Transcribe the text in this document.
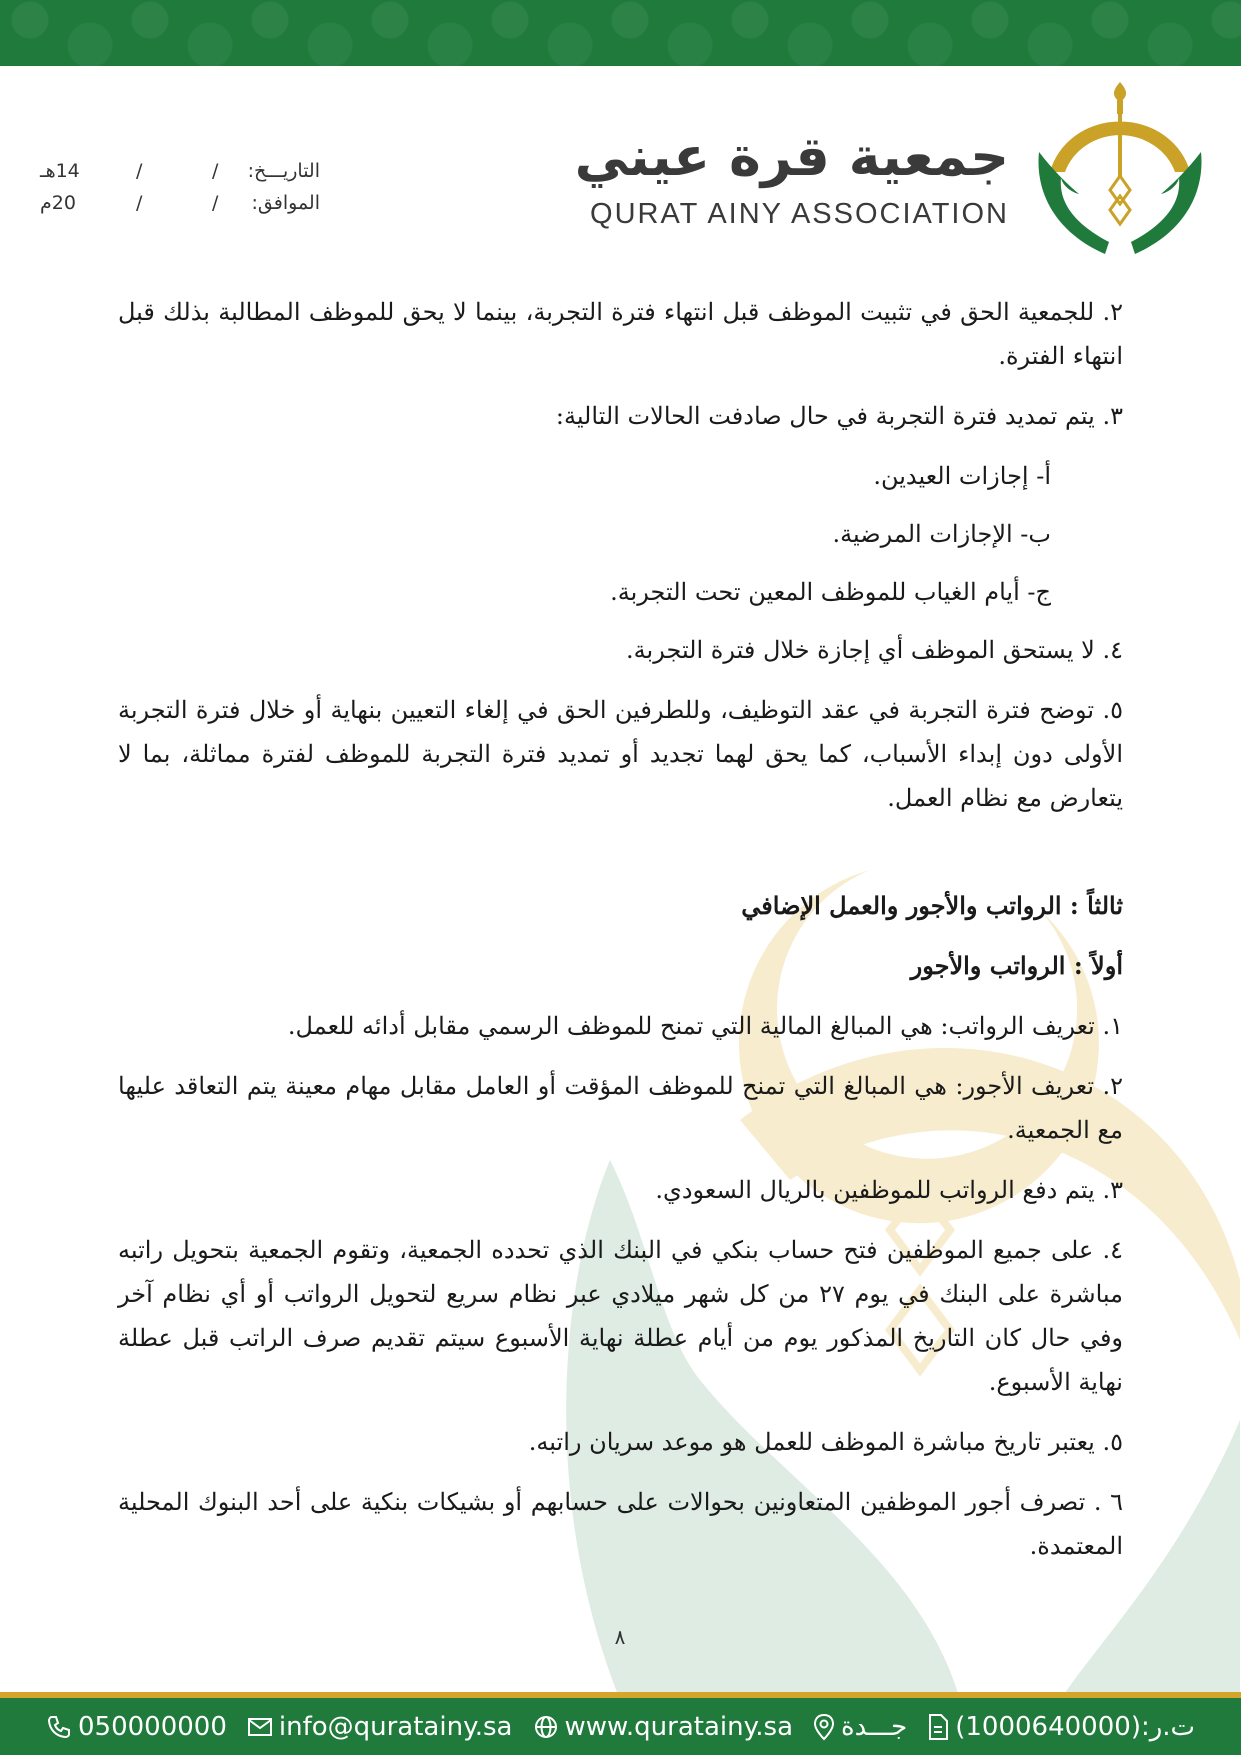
جمعية قرة عيني
QURAT AINY ASSOCIATION
التاريـــخ:
/
/
14هـ
الموافق:
/
/
20م

٢. للجمعية الحق في تثبيت الموظف قبل انتهاء فترة التجربة، بينما لا يحق للموظف المطالبة بذلك قبل انتهاء الفترة.

٣. يتم تمديد فترة التجربة في حال صادفت الحالات التالية:

أ- إجازات العيدين.

ب- الإجازات المرضية.

ج- أيام الغياب للموظف المعين تحت التجربة.

٤. لا يستحق الموظف أي إجازة خلال فترة التجربة.

٥. توضح فترة التجربة في عقد التوظيف، وللطرفين الحق في إلغاء التعيين بنهاية أو خلال فترة التجربة الأولى دون إبداء الأسباب، كما يحق لهما تجديد أو تمديد فترة التجربة للموظف لفترة مماثلة، بما لا يتعارض مع نظام العمل.

ثالثاً : الرواتب والأجور والعمل الإضافي

أولاً : الرواتب والأجور

١. تعريف الرواتب: هي المبالغ المالية التي تمنح للموظف الرسمي مقابل أدائه للعمل.

٢. تعريف الأجور: هي المبالغ التي تمنح للموظف المؤقت أو العامل مقابل مهام معينة يتم التعاقد عليها مع الجمعية.

٣. يتم دفع الرواتب للموظفين بالريال السعودي.

٤. على جميع الموظفين فتح حساب بنكي في البنك الذي تحدده الجمعية، وتقوم الجمعية بتحويل راتبه مباشرة على البنك في يوم ٢٧ من كل شهر ميلادي عبر نظام سريع لتحويل الرواتب أو أي نظام آخر وفي حال كان التاريخ المذكور يوم من أيام عطلة نهاية الأسبوع سيتم تقديم صرف الراتب قبل عطلة نهاية الأسبوع.

٥. يعتبر تاريخ مباشرة الموظف للعمل هو موعد سريان راتبه.

٦ . تصرف أجور الموظفين المتعاونين بحوالات على حسابهم أو بشيكات بنكية على أحد البنوك المحلية المعتمدة.

٨
050000000 info@quratainy.sa www.quratainy.sa جـــدة ت.ر:(1000640000)
